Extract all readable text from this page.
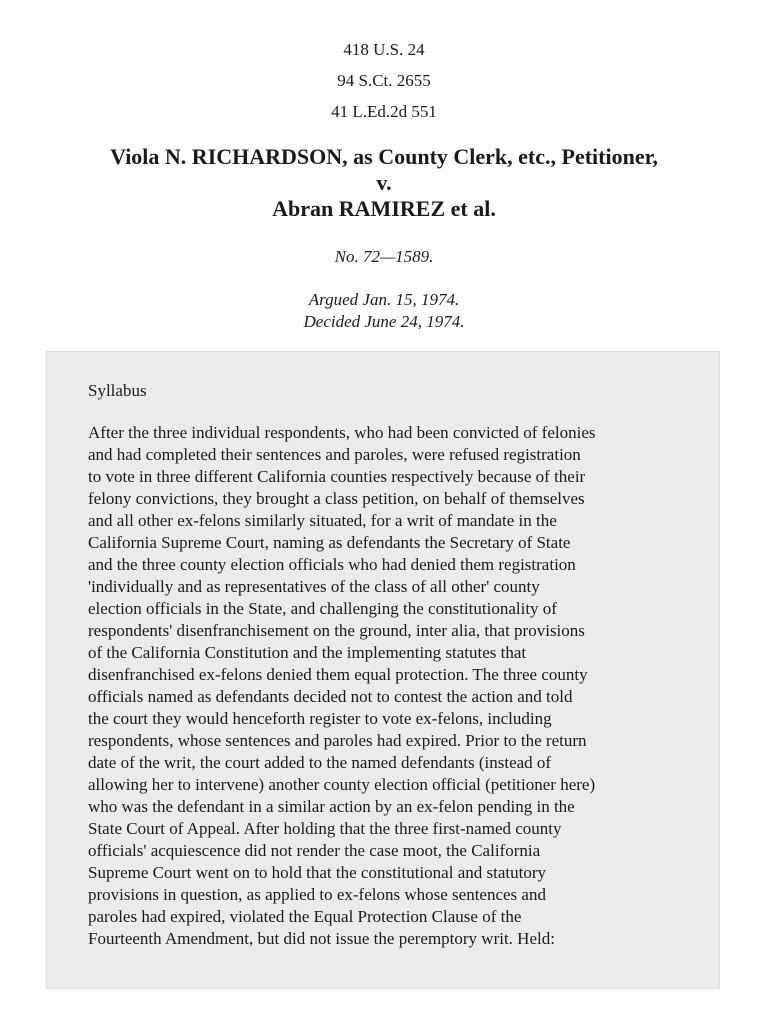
418 U.S. 24
94 S.Ct. 2655
41 L.Ed.2d 551
Viola N. RICHARDSON, as County Clerk, etc., Petitioner,
v.
Abran RAMIREZ et al.
No. 72—1589.
Argued Jan. 15, 1974.
Decided June 24, 1974.
Syllabus
After the three individual respondents, who had been convicted of felonies
and had completed their sentences and paroles, were refused registration
to vote in three different California counties respectively because of their
felony convictions, they brought a class petition, on behalf of themselves
and all other ex-felons similarly situated, for a writ of mandate in the
California Supreme Court, naming as defendants the Secretary of State
and the three county election officials who had denied them registration
'individually and as representatives of the class of all other' county
election officials in the State, and challenging the constitutionality of
respondents' disenfranchisement on the ground, inter alia, that provisions
of the California Constitution and the implementing statutes that
disenfranchised ex-felons denied them equal protection. The three county
officials named as defendants decided not to contest the action and told
the court they would henceforth register to vote ex-felons, including
respondents, whose sentences and paroles had expired. Prior to the return
date of the writ, the court added to the named defendants (instead of
allowing her to intervene) another county election official (petitioner here)
who was the defendant in a similar action by an ex-felon pending in the
State Court of Appeal. After holding that the three first-named county
officials' acquiescence did not render the case moot, the California
Supreme Court went on to hold that the constitutional and statutory
provisions in question, as applied to ex-felons whose sentences and
paroles had expired, violated the Equal Protection Clause of the
Fourteenth Amendment, but did not issue the peremptory writ. Held:
